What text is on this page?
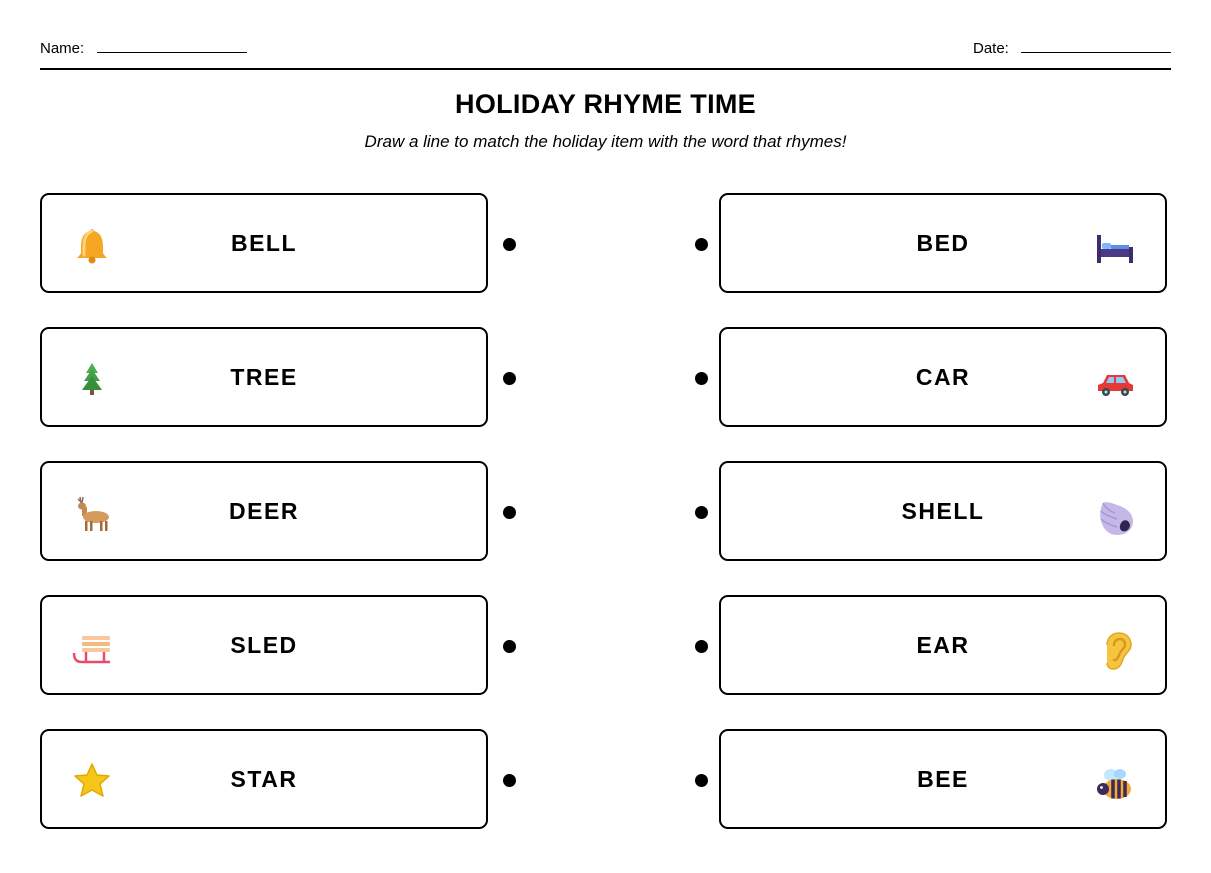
Name:	Date:
HOLIDAY RHYME TIME
Draw a line to match the holiday item with the word that rhymes!
BELL
TREE
DEER
SLED
STAR
BED
CAR
SHELL
EAR
BEE
